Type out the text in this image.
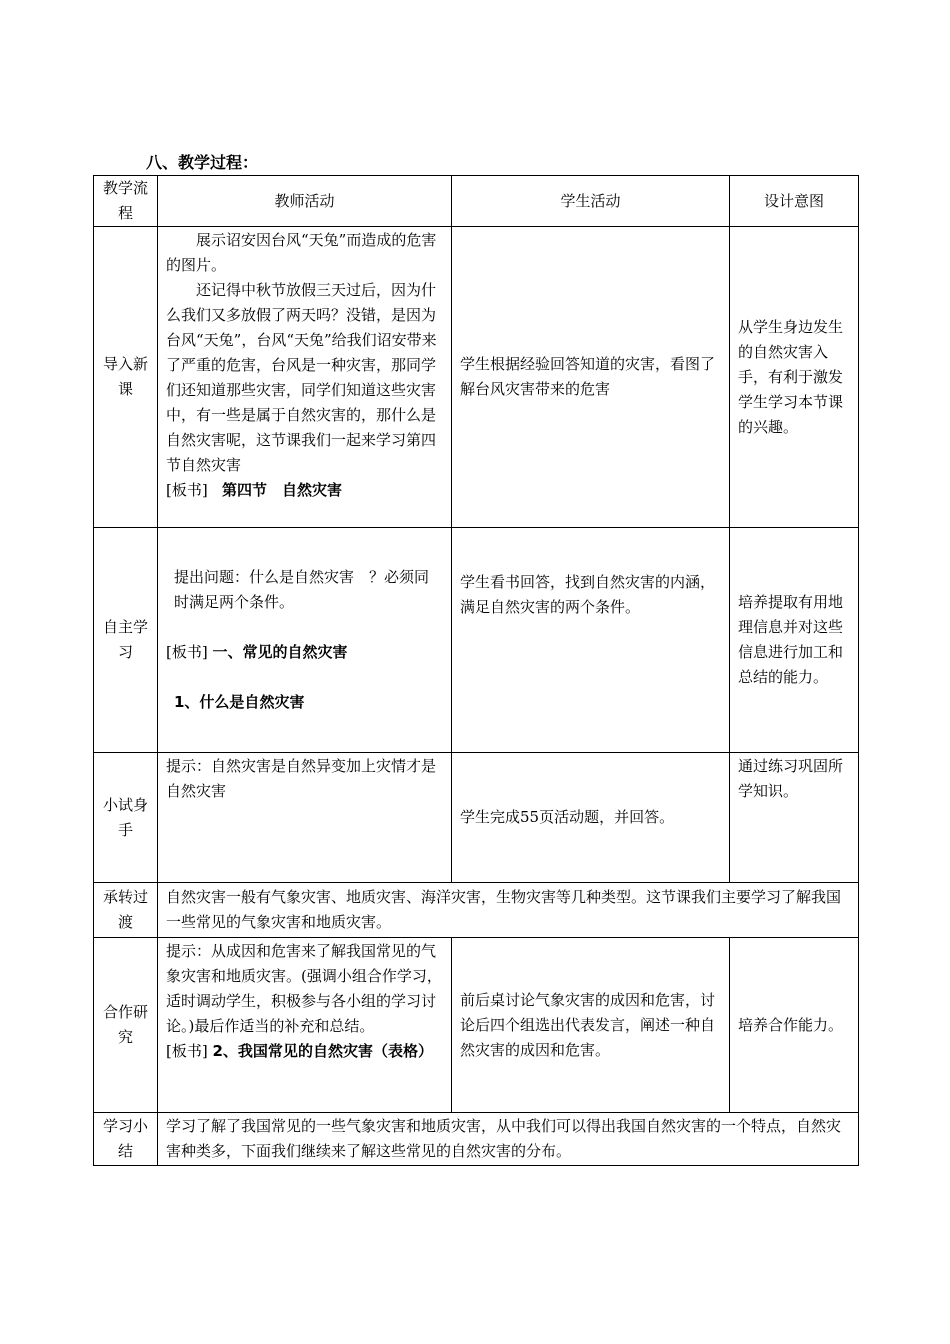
八、教学过程：
教学流程	教师活动	学生活动	设计意图
导入新课	展示诏安因台风“天兔”而造成的危害的图片。

还记得中秋节放假三天过后，因为什么我们又多放假了两天吗？没错，是因为台风“天兔”，台风“天兔”给我们诏安带来了严重的危害，台风是一种灾害，那同学们还知道那些灾害，同学们知道这些灾害中，有一些是属于自然灾害的，那什么是自然灾害呢，这节课我们一起来学习第四节自然灾害

[板书] 第四节　自然灾害	学生根据经验回答知道的灾害，看图了解台风灾害带来的危害	从学生身边发生的自然灾害入手，有利于激发学生学习本节课的兴趣。
自主学习	提出问题：什么是自然灾害　？必须同时满足两个条件。

[板书] 一、常见的自然灾害

1、什么是自然灾害	学生看书回答，找到自然灾害的内涵，满足自然灾害的两个条件。	培养提取有用地理信息并对这些信息进行加工和总结的能力。
小试身手	提示：自然灾害是自然异变加上灾情才是自然灾害	学生完成55页活动题，并回答。	通过练习巩固所学知识。
承转过渡	自然灾害一般有气象灾害、地质灾害、海洋灾害，生物灾害等几种类型。这节课我们主要学习了解我国一些常见的气象灾害和地质灾害。		
合作研究	提示：从成因和危害来了解我国常见的气象灾害和地质灾害。(强调小组合作学习，适时调动学生，积极参与各小组的学习讨论。)最后作适当的补充和总结。

[板书] 2、我国常见的自然灾害（表格）	前后桌讨论气象灾害的成因和危害，讨论后四个组选出代表发言，阐述一种自然灾害的成因和危害。	培养合作能力。
学习小结	学习了解了我国常见的一些气象灾害和地质灾害，从中我们可以得出我国自然灾害的一个特点，自然灾害种类多，下面我们继续来了解这些常见的自然灾害的分布。		
